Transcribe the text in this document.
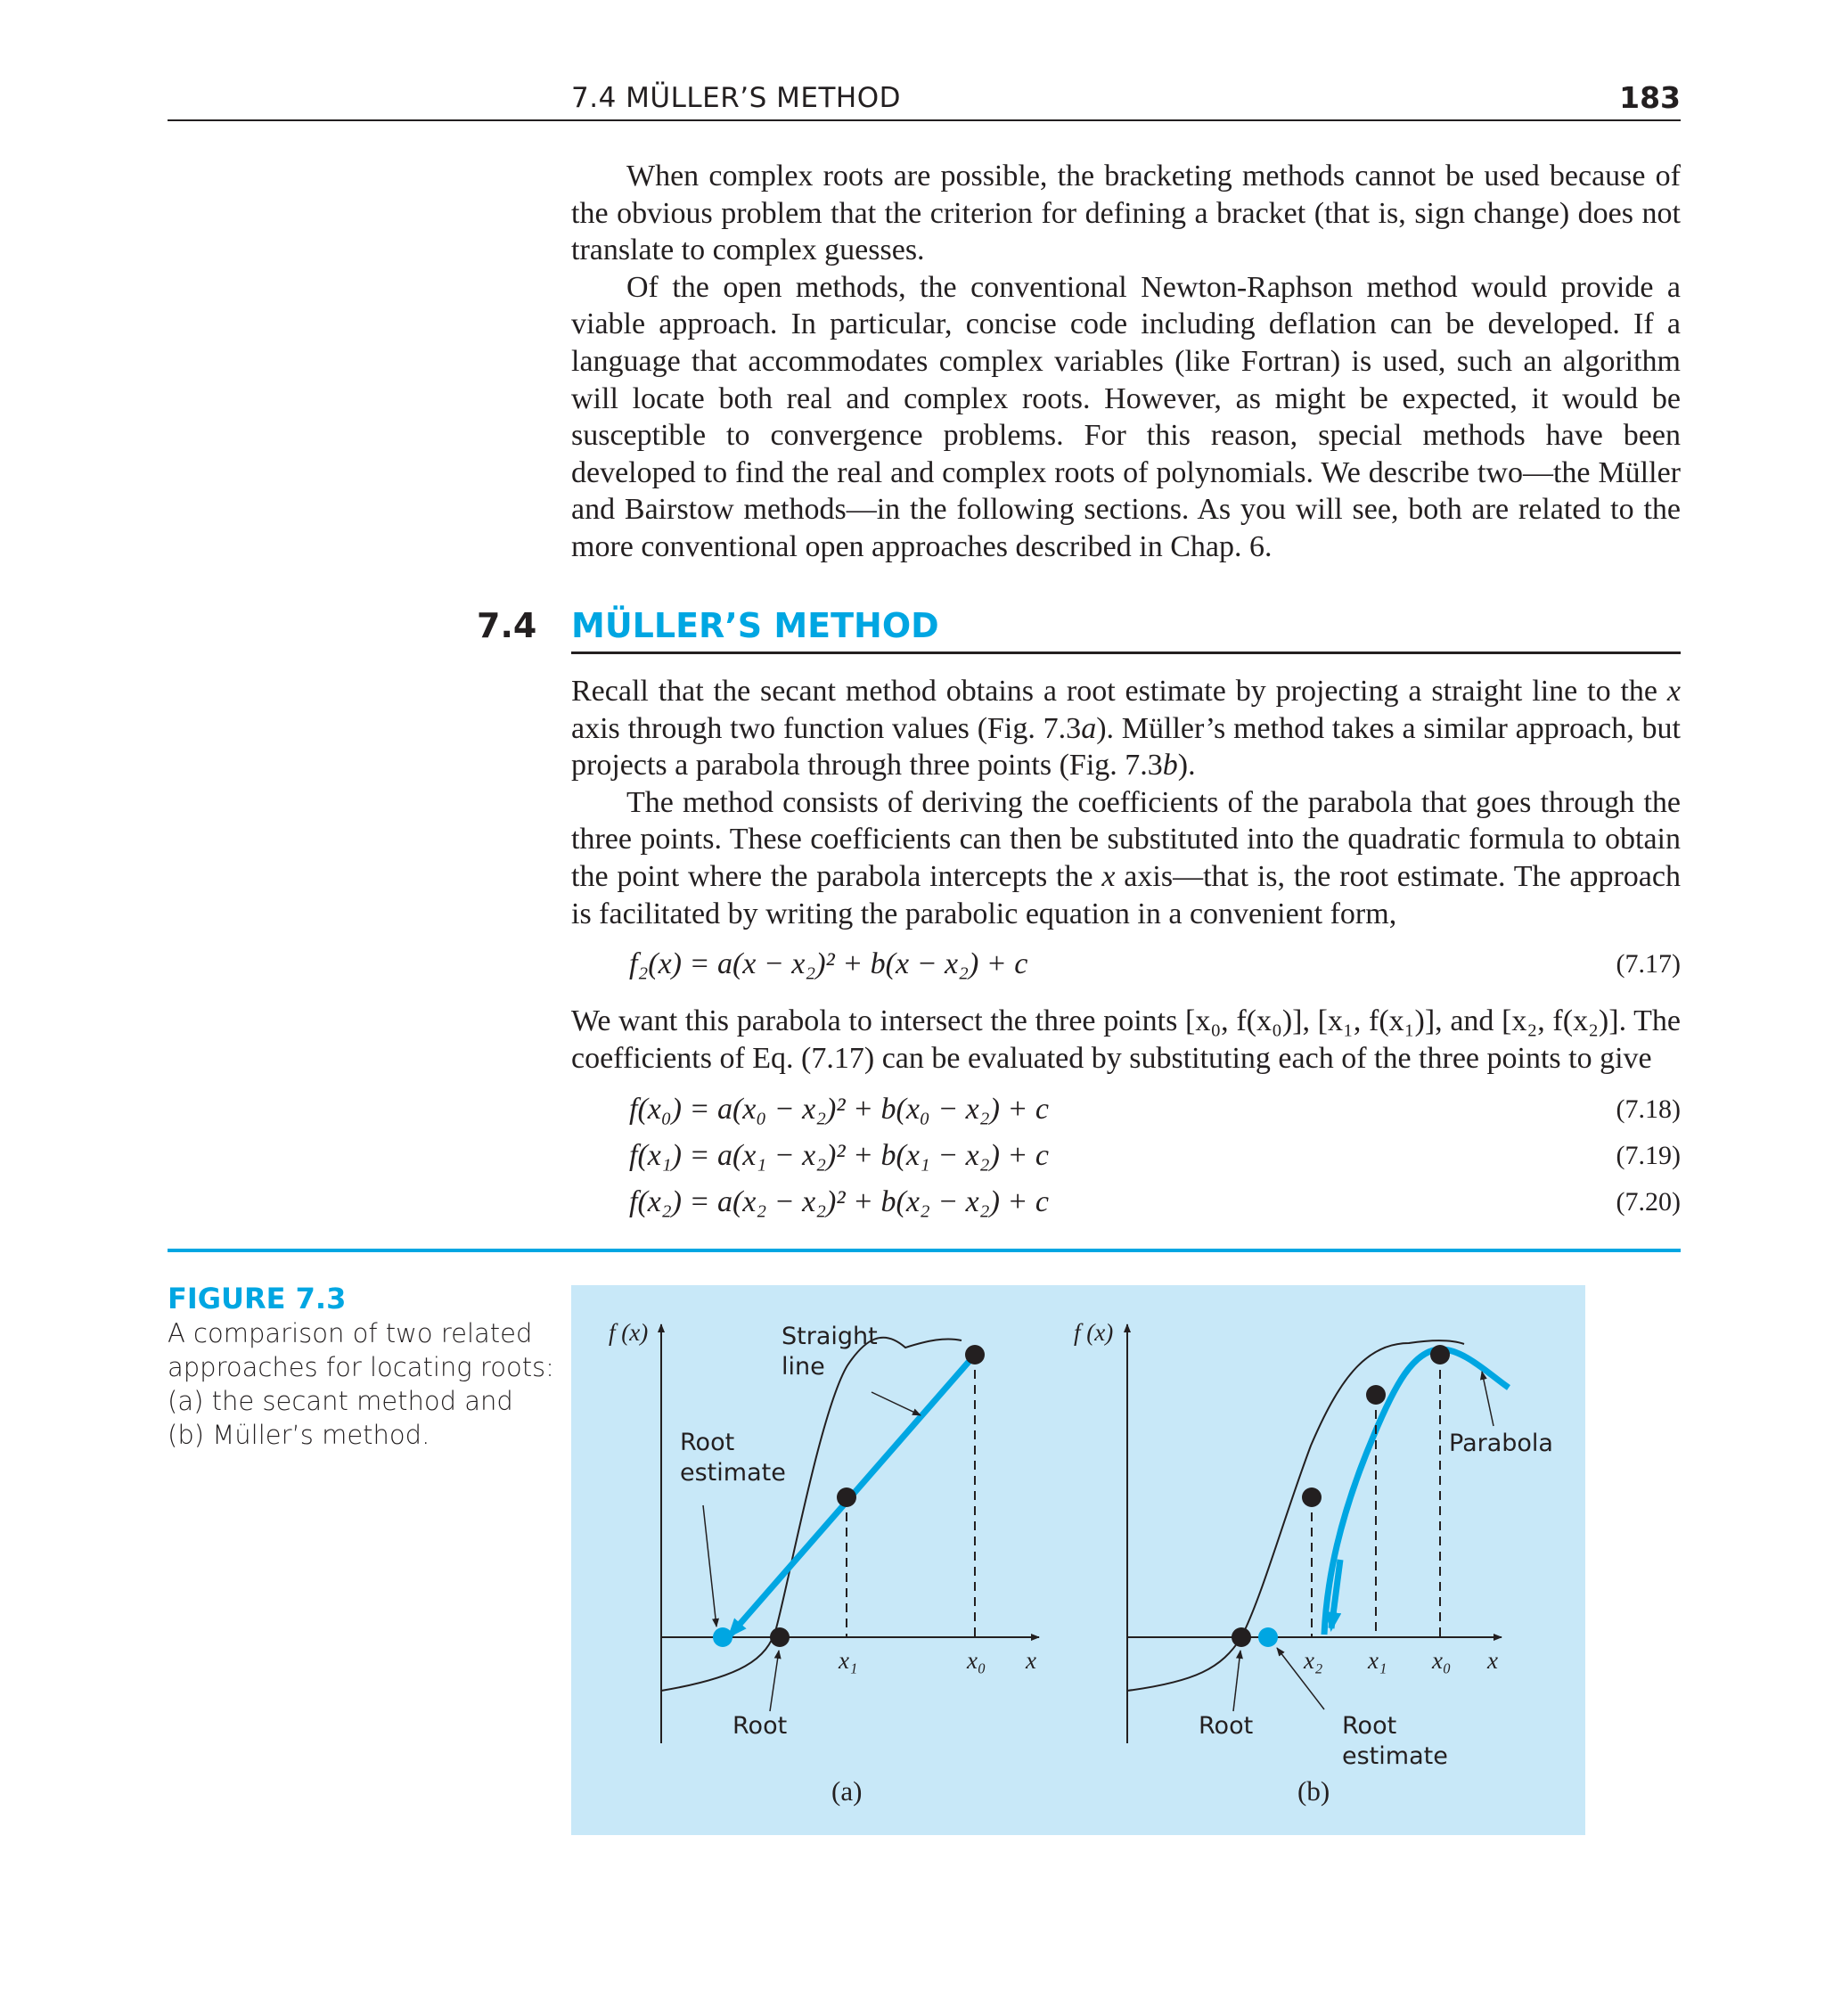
7.4 MÜLLER’S METHOD	183

When complex roots are possible, the bracketing methods cannot be used because of the obvious problem that the criterion for defining a bracket (that is, sign change) does not translate to complex guesses.

Of the open methods, the conventional Newton-Raphson method would provide a viable approach. In particular, concise code including deflation can be developed. If a language that accommodates complex variables (like Fortran) is used, such an algorithm will locate both real and complex roots. However, as might be expected, it would be susceptible to convergence problems. For this reason, special methods have been developed to find the real and complex roots of polynomials. We describe two—the Müller and Bairstow methods—in the following sections. As you will see, both are related to the more conventional open approaches described in Chap. 6.

7.4 MÜLLER’S METHOD

Recall that the secant method obtains a root estimate by projecting a straight line to the x axis through two function values (Fig. 7.3a). Müller’s method takes a similar approach, but projects a parabola through three points (Fig. 7.3b).

The method consists of deriving the coefficients of the parabola that goes through the three points. These coefficients can then be substituted into the quadratic formula to obtain the point where the parabola intercepts the x axis—that is, the root estimate. The approach is facilitated by writing the parabolic equation in a convenient form,

f₂(x) = a(x − x₂)² + b(x − x₂) + c	(7.17)

We want this parabola to intersect the three points [x₀, f(x₀)], [x₁, f(x₁)], and [x₂, f(x₂)]. The coefficients of Eq. (7.17) can be evaluated by substituting each of the three points to give

f(x₀) = a(x₀ − x₂)² + b(x₀ − x₂) + c	(7.18)
f(x₁) = a(x₁ − x₂)² + b(x₁ − x₂) + c	(7.19)
f(x₂) = a(x₂ − x₂)² + b(x₂ − x₂) + c	(7.20)
FIGURE 7.3
A comparison of two related
approaches for locating roots:
(a) the secant method and
(b) Müller’s method.
f (x)
x
Straight
line
Root
estimate
Root
x₁	x₀
(a)
f (x)
x
Parabola
Root	Root
estimate
x₂ x₁ x₀
(b)
